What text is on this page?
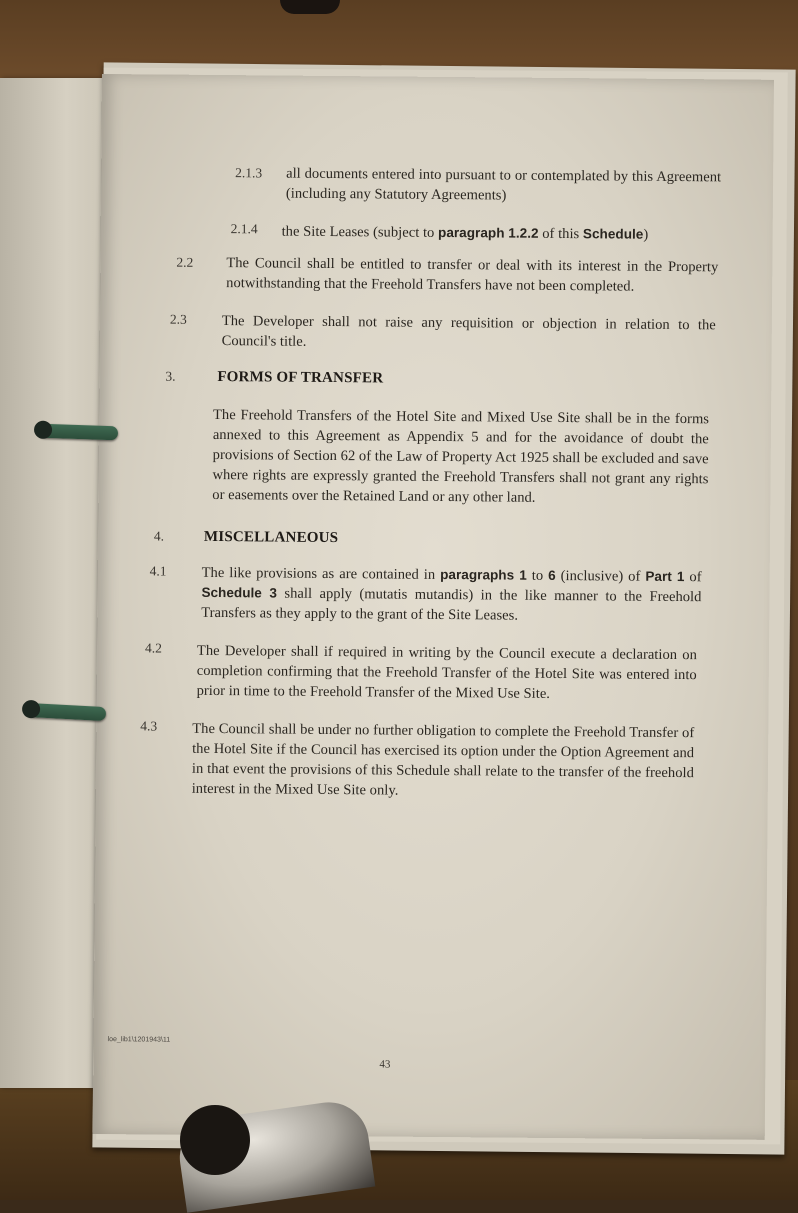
2.1.3 all documents entered into pursuant to or contemplated by this Agreement (including any Statutory Agreements)

2.1.4 the Site Leases (subject to paragraph 1.2.2 of this Schedule)

2.2 The Council shall be entitled to transfer or deal with its interest in the Property notwithstanding that the Freehold Transfers have not been completed.

2.3 The Developer shall not raise any requisition or objection in relation to the Council's title.

3.	FORMS OF TRANSFER

The Freehold Transfers of the Hotel Site and Mixed Use Site shall be in the forms annexed to this Agreement as Appendix 5 and for the avoidance of doubt the provisions of Section 62 of the Law of Property Act 1925 shall be excluded and save where rights are expressly granted the Freehold Transfers shall not grant any rights or easements over the Retained Land or any other land.

4.	MISCELLANEOUS

4.1 The like provisions as are contained in paragraphs 1 to 6 (inclusive) of Part 1 of Schedule 3 shall apply (mutatis mutandis) in the like manner to the Freehold Transfers as they apply to the grant of the Site Leases.

4.2 The Developer shall if required in writing by the Council execute a declaration on completion confirming that the Freehold Transfer of the Hotel Site was entered into prior in time to the Freehold Transfer of the Mixed Use Site.

4.3 The Council shall be under no further obligation to complete the Freehold Transfer of the Hotel Site if the Council has exercised its option under the Option Agreement and in that event the provisions of this Schedule shall relate to the transfer of the freehold interest in the Mixed Use Site only.

loe_lib1\1201943\11
43
